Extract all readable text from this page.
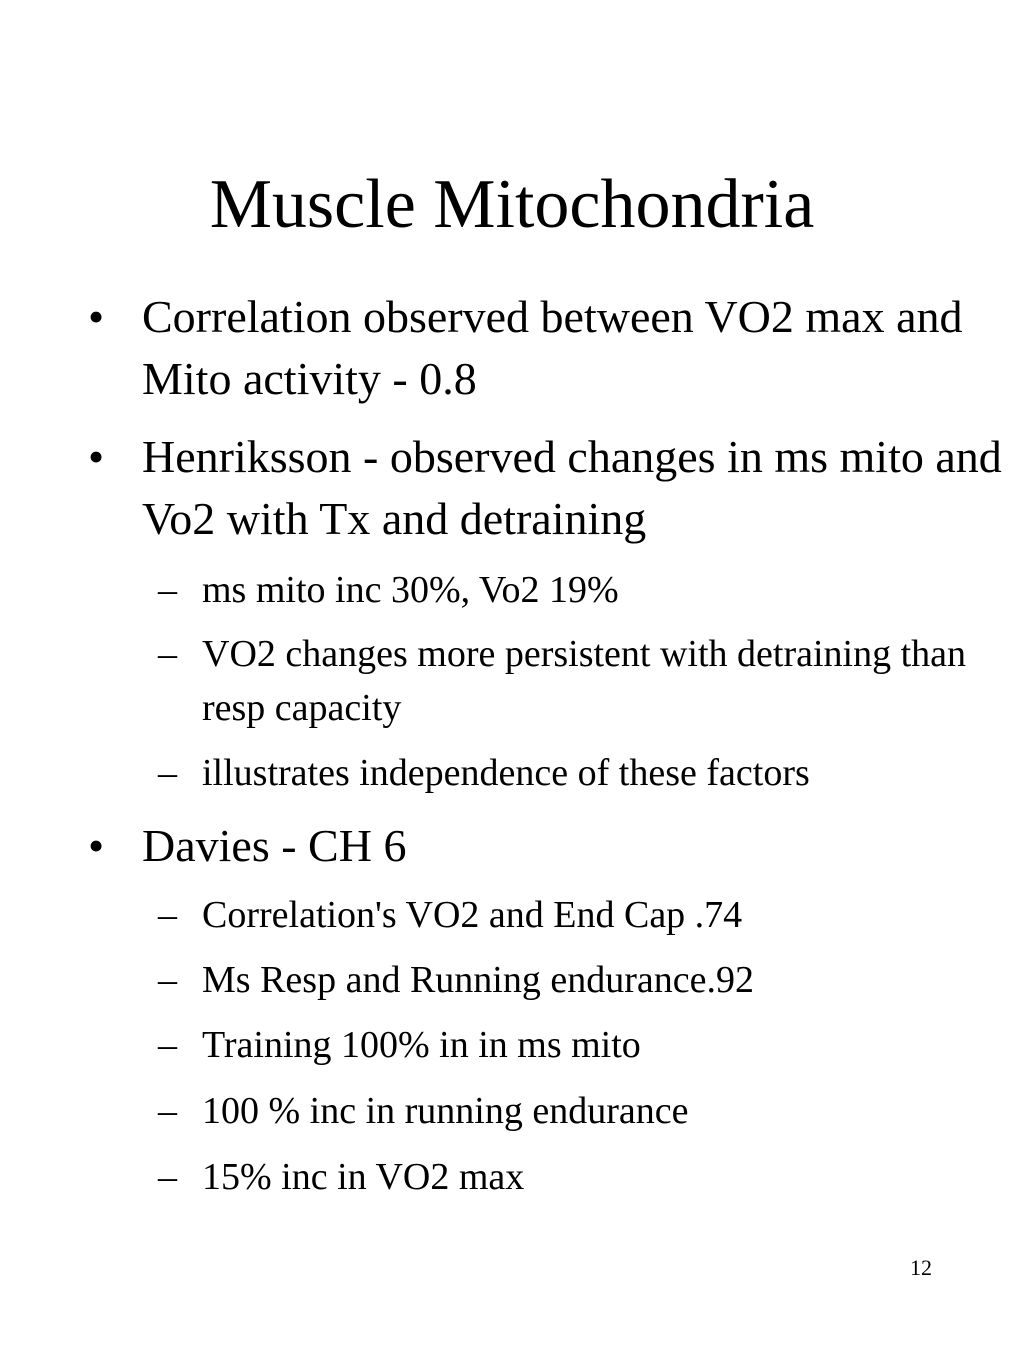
Muscle Mitochondria
• Correlation observed between VO2 max and Mito activity - 0.8
• Henriksson - observed changes in ms mito and Vo2 with Tx and detraining
– ms mito inc 30%, Vo2 19%
– VO2 changes more persistent with detraining than resp capacity
– illustrates independence of these factors
• Davies - CH 6
– Correlation's VO2 and End Cap .74
– Ms Resp and Running endurance.92
– Training 100% in in ms mito
– 100 % inc in running endurance
– 15% inc in VO2 max
12
